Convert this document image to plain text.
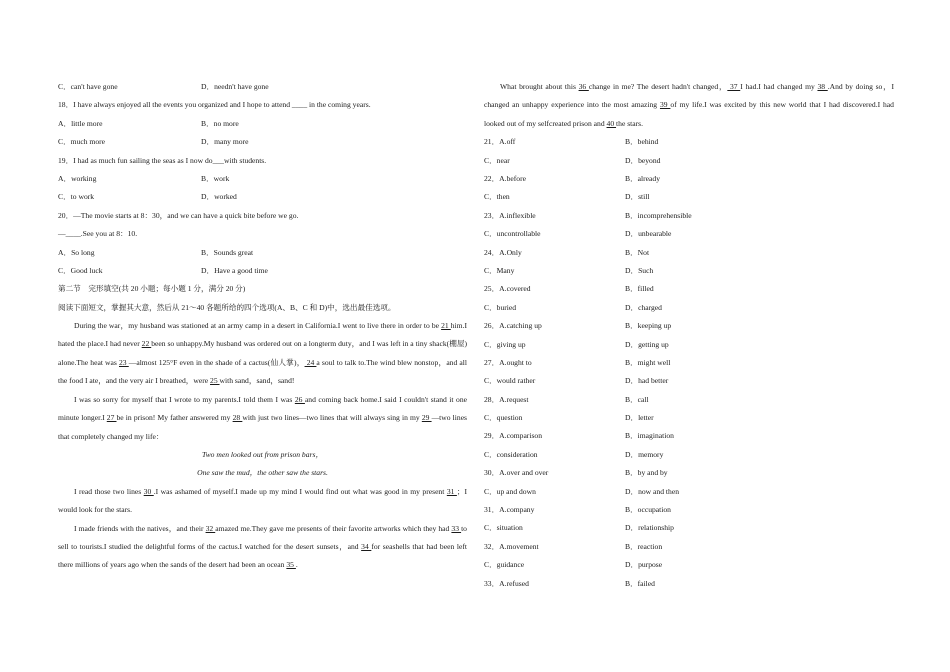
C．can't have gone	D．needn't have gone
18．I have always enjoyed all the events you organized and I hope to attend ____ in the coming years.
A．little more	B．no more
C．much more	D．many more
19．I had as much fun sailing the seas as I now do___with students.
A．working	B．work
C．to work	D．worked
20．—The movie starts at 8：30，and we can have a quick bite before we go.
—____.See you at 8：10.
A．So long	B．Sounds great
C．Good luck	D．Have a good time
第二节　完形填空(共 20 小题；每小题 1 分，满分 20 分)
阅读下面短文，掌握其大意，然后从 21～40 各题所给的四个选项(A、B、C 和 D)中，选出最佳选项。
During the war，my husband was stationed at an army camp in a desert in California.I went to live there in order to be 21 him.I hated the place.I had never 22 been so unhappy.My husband was ordered out on a longterm duty，and I was left in a tiny shack(棚屋) alone.The heat was 23 —almost 125°F even in the shade of a cactus(仙人掌)， 24 a soul to talk to.The wind blew nonstop，and all the food I ate，and the very air I breathed，were 25 with sand，sand，sand!
I was so sorry for myself that I wrote to my parents.I told them I was 26 and coming back home.I said I couldn't stand it one minute longer.I 27 be in prison! My father answered my 28 with just two lines—two lines that will always sing in my 29 —two lines that completely changed my life：
Two men looked out from prison bars，
One saw the mud，the other saw the stars.
I read those two lines 30 .I was ashamed of myself.I made up my mind I would find out what was good in my present 31 ；I would look for the stars.
I made friends with the natives，and their 32 amazed me.They gave me presents of their favorite artworks which they had 33 to sell to tourists.I studied the delightful forms of the cactus.I watched for the desert sunsets，and 34 for seashells that had been left there millions of years ago when the sands of the desert had been an ocean 35 .
What brought about this 36 change in me? The desert hadn't changed， 37 I had.I had changed my 38 .And by doing so，I changed an unhappy experience into the most amazing 39 of my life.I was excited by this new world that I had discovered.I had looked out of my selfcreated prison and 40 the stars.
21．A.off	B．behind
C．near	D．beyond
22．A.before	B．already
C．then	D．still
23．A.inflexible	B．incomprehensible
C．uncontrollable	D．unbearable
24．A.Only	B．Not
C．Many	D．Such
25．A.covered	B．filled
C．buried	D．charged
26．A.catching up	B．keeping up
C．giving up	D．getting up
27．A.ought to	B．might well
C．would rather	D．had better
28．A.request	B．call
C．question	D．letter
29．A.comparison	B．imagination
C．consideration	D．memory
30．A.over and over	B．by and by
C．up and down	D．now and then
31．A.company	B．occupation
C．situation	D．relationship
32．A.movement	B．reaction
C．guidance	D．purpose
33．A.refused	B．failed
